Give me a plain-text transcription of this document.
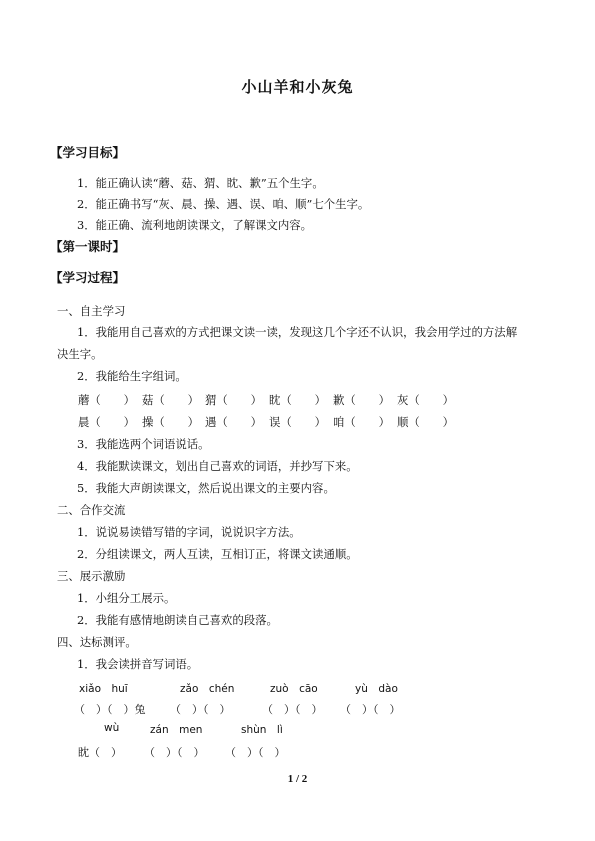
小山羊和小灰兔
【学习目标】
1．能正确认读“蘑、菇、猬、眈、歉”五个生字。
2．能正确书写“灰、晨、操、遇、误、咱、顺”七个生字。
3．能正确、流利地朗读课文，了解课文内容。
【第一课时】
【学习过程】
一、自主学习
1．我能用自己喜欢的方式把课文读一读，发现这几个字还不认识，我会用学过的方法解
决生字。
2．我能给生字组词。
蘑（　　） 菇（　　） 猬（　　） 眈（　　） 歉（　　） 灰（　　）
晨（　　） 操（　　） 遇（　　） 误（　　） 咱（　　） 顺（　　）
3．我能选两个词语说话。
4．我能默读课文，划出自己喜欢的词语，并抄写下来。
5．我能大声朗读课文，然后说出课文的主要内容。
二、合作交流
1．说说易读错写错的字词，说说识字方法。
2．分组读课文，两人互读，互相订正，将课文读通顺。
三、展示激励
1．小组分工展示。
2．我能有感情地朗读自己喜欢的段落。
四、达标测评。
1．我会读拼音写词语。
xiǎo　huī	zǎo　chén	zuò　cāo	yù　dào
（　）（　）兔 （　）（　）	（　）（　） （　）（　）
wù	zán　men	shùn　lì
眈（　） （　）（　） （　）（　）
1 / 2
